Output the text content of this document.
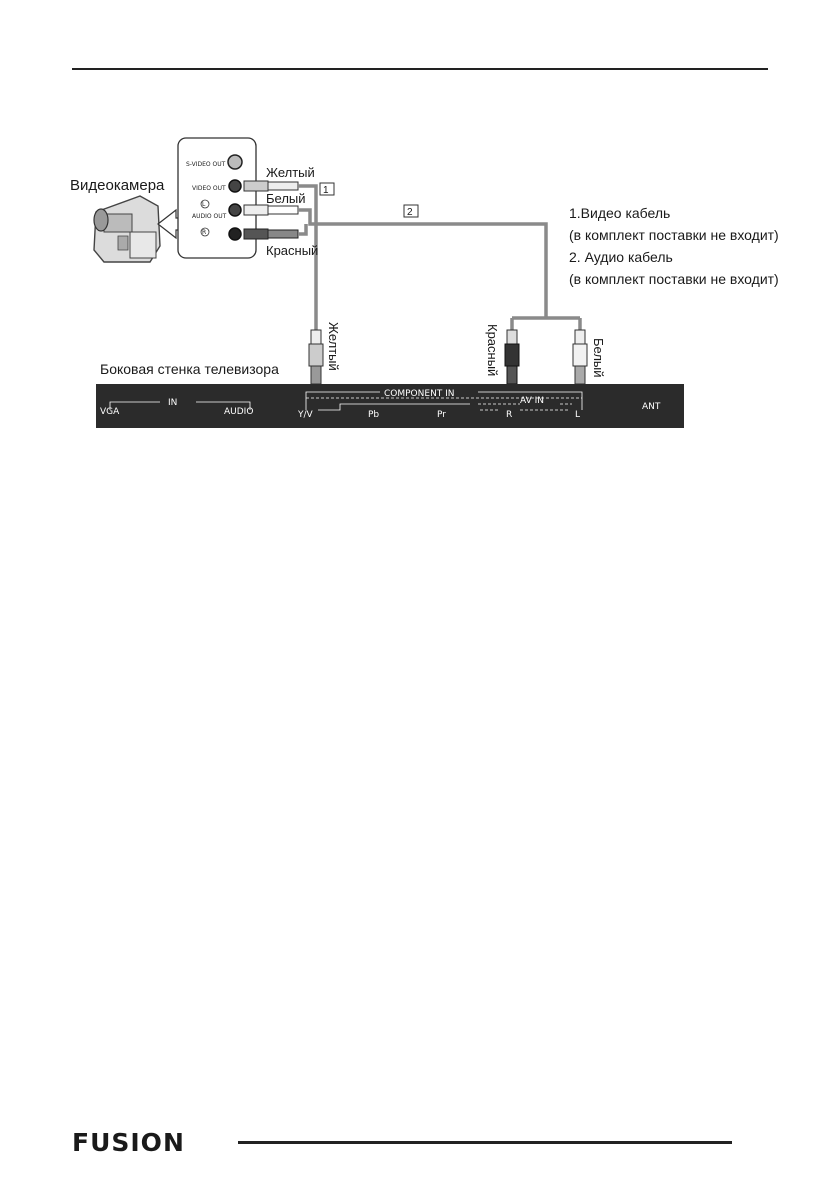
S-VIDEO OUT
VIDEO OUT
L
AUDIO OUT
R
1
2
Видеокамера
Желтый
Белый
Красный
1.Видео кабель
(в комплект поставки не входит)
2. Аудио кабель
(в комплект поставки не входит)
Желтый	Красный	Белый
Боковая стенка телевизора
IN
VGA	AUDIO
COMPONENT IN
Y/V	Pb	Pr
AV IN
R	L
ANT
FUSION
